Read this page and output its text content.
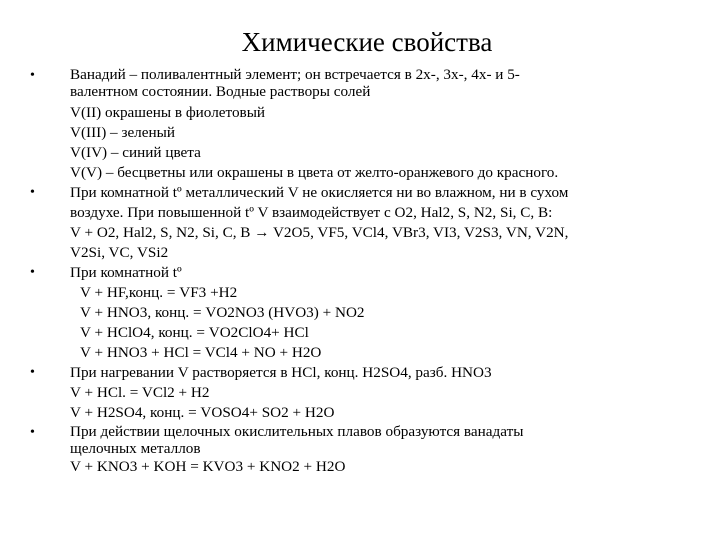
Химические свойства
• Ванадий – поливалентный элемент; он встречается в 2х-, 3х-, 4х- и 5-

валентном состоянии. Водные растворы солей

V(II) окрашены в фиолетовый

V(III) – зеленый

V(IV) – синий цвета

V(V) – бесцветны или окрашены в цвета от желто-оранжевого до красного.

• При комнатной tº металлический V не окисляется ни во влажном, ни в сухом

воздухе. При повышенной tº V взаимодействует с O2, Hal2, S, N2, Si, C, B:

V + O2, Hal2, S, N2, Si, C, B → V2O5, VF5, VCl4, VBr3, VI3, V2S3, VN, V2N,

V2Si, VC, VSi2

• При комнатной tº

V + HF,конц. = VF3 +H2

V + HNO3, конц. = VO2NO3 (HVO3) + NO2

V + HClO4, конц. = VO2ClO4+ HCl

V + HNO3 + HCl = VCl4 + NO + H2O

• При нагревании V растворяется в HCl, конц. H2SO4, разб. HNO3

V + HCl. = VCl2 + H2

V + H2SO4, конц. = VOSO4+ SO2 + H2O

• При действии щелочных окислительных плавов образуются ванадаты

щелочных металлов

V + KNO3 + KOH = KVO3 + KNO2 + H2O
